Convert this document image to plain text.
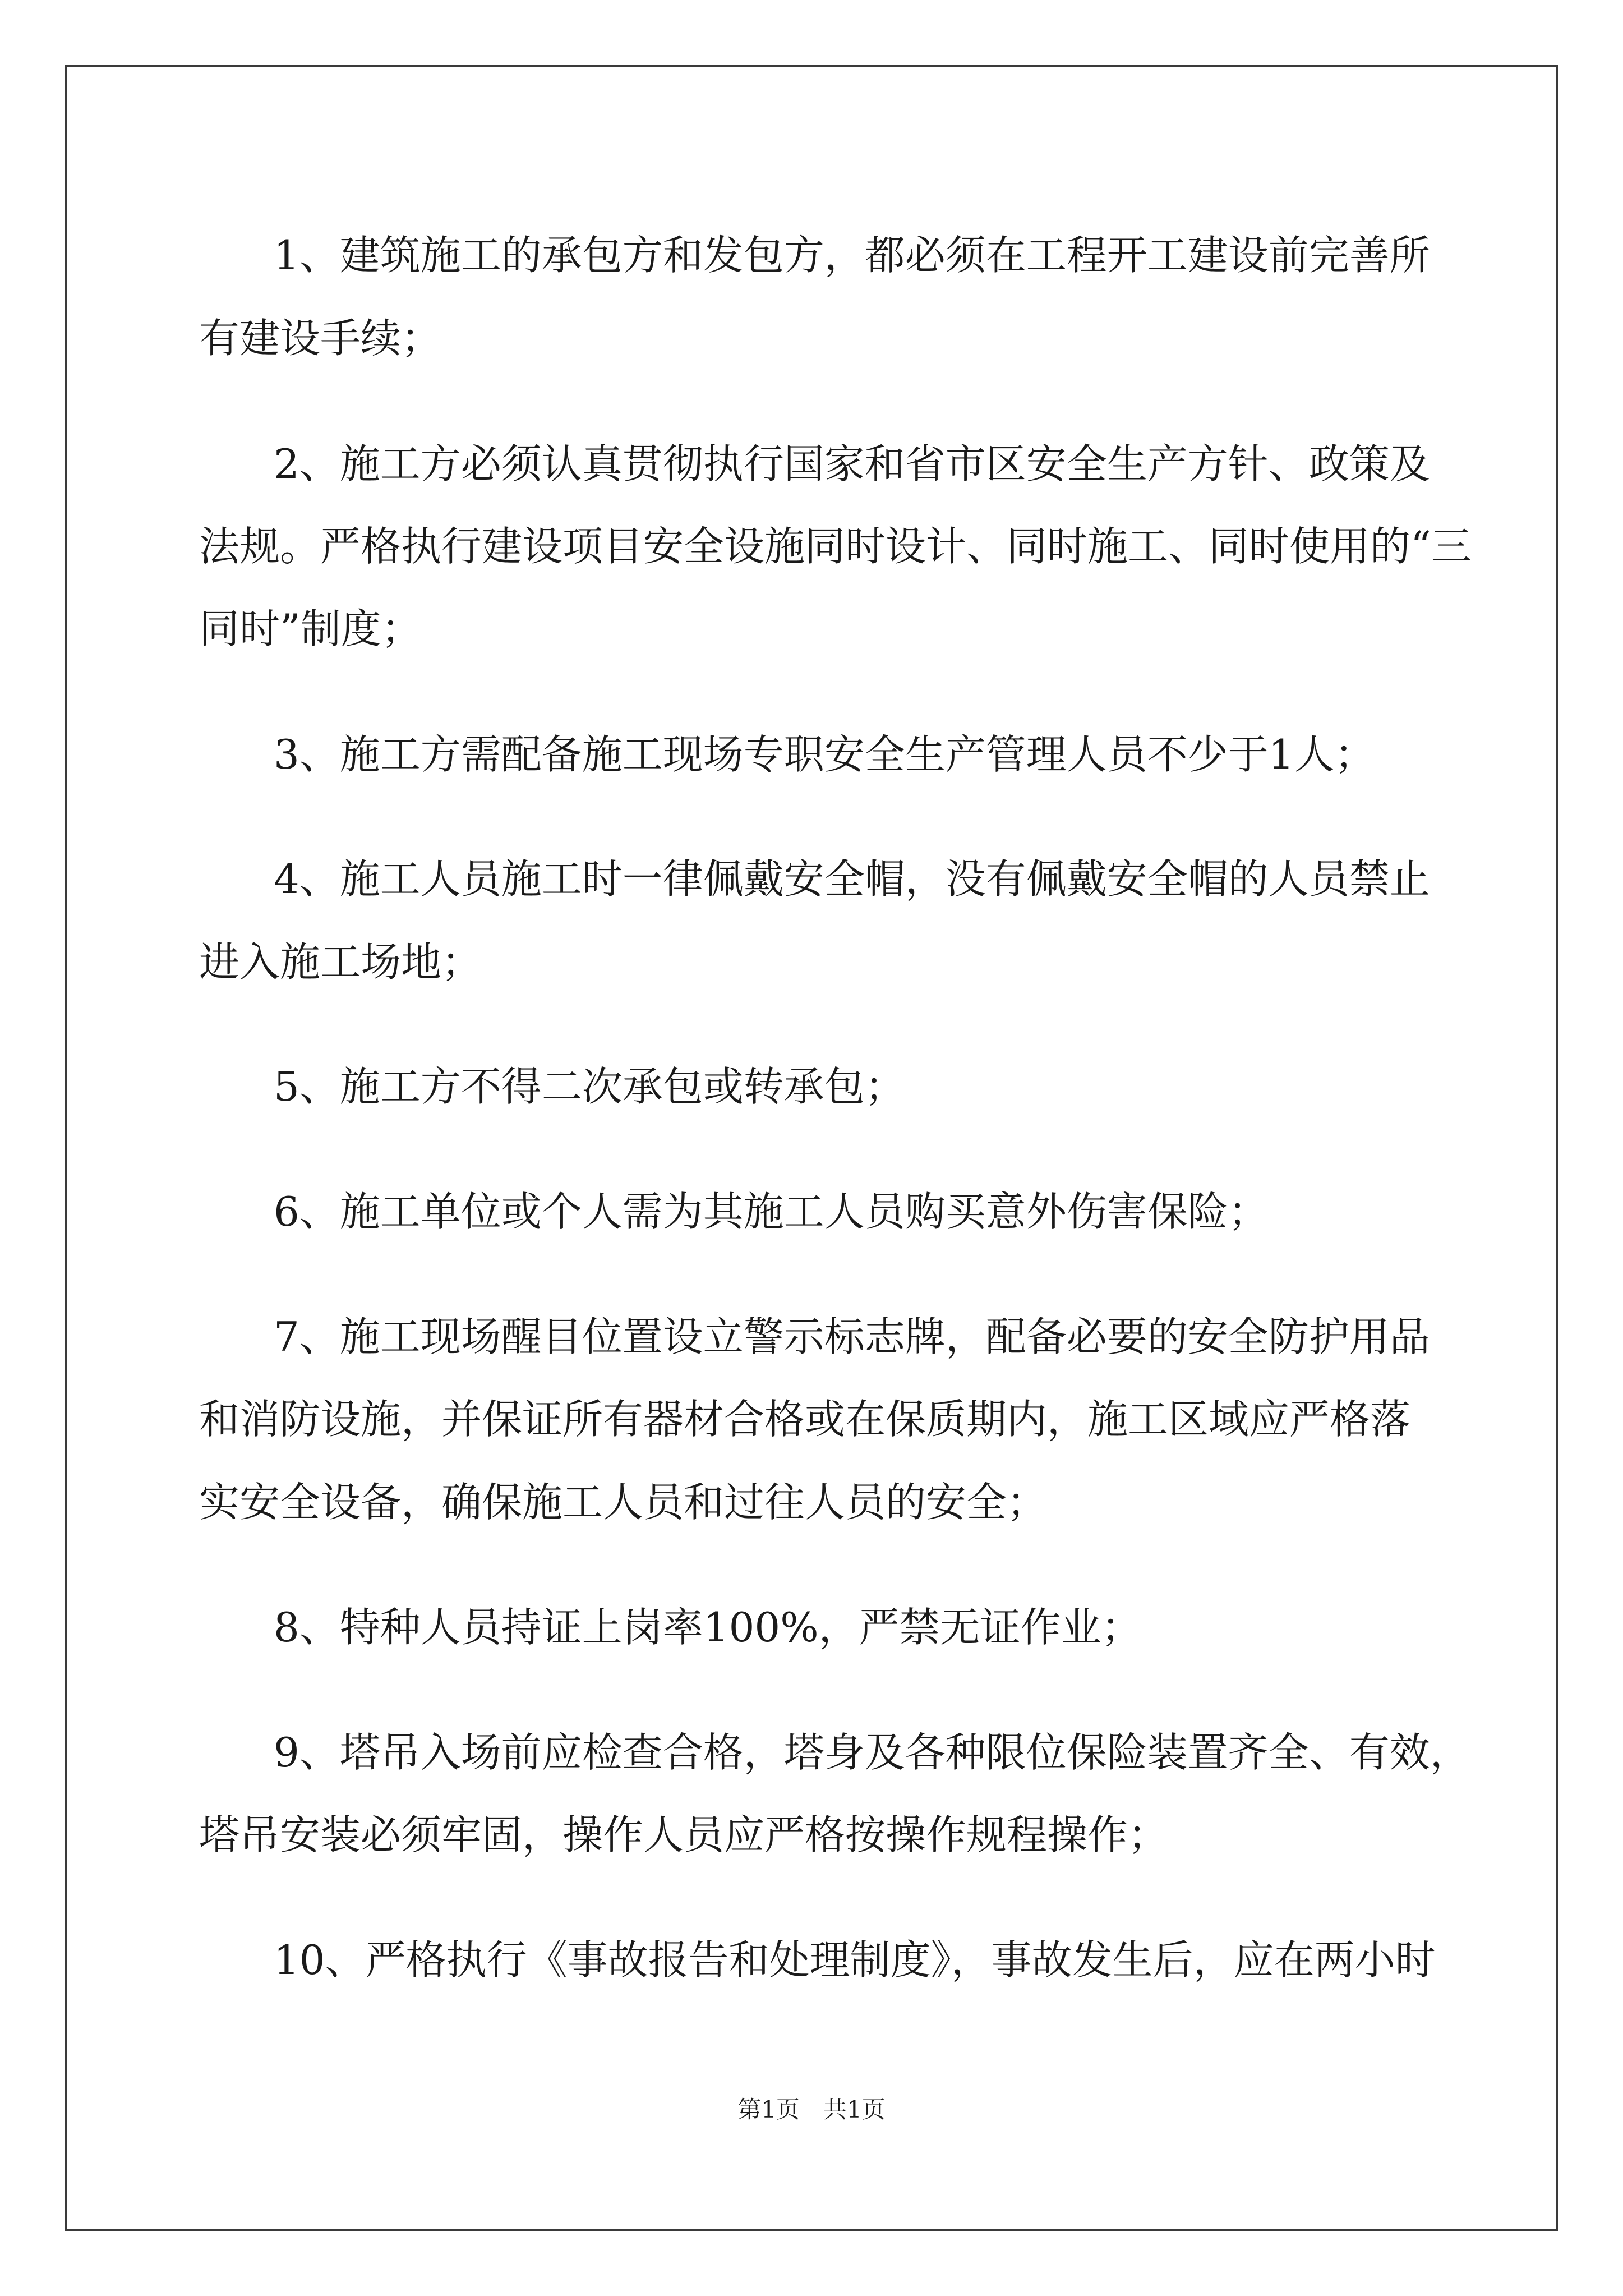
1、建筑施工的承包方和发包方，都必须在工程开工建设前完善所
有建设手续；
2、施工方必须认真贯彻执行国家和省市区安全生产方针、政策及
法规。严格执行建设项目安全设施同时设计、同时施工、同时使用的“三
同时”制度；
3、施工方需配备施工现场专职安全生产管理人员不少于1人；
4、施工人员施工时一律佩戴安全帽，没有佩戴安全帽的人员禁止
进入施工场地；
5、施工方不得二次承包或转承包；
6、施工单位或个人需为其施工人员购买意外伤害保险；
7、施工现场醒目位置设立警示标志牌，配备必要的安全防护用品
和消防设施，并保证所有器材合格或在保质期内，施工区域应严格落
实安全设备，确保施工人员和过往人员的安全；
8、特种人员持证上岗率100%，严禁无证作业；
9、塔吊入场前应检查合格，塔身及各种限位保险装置齐全、有效，
塔吊安装必须牢固，操作人员应严格按操作规程操作；
10、严格执行《事故报告和处理制度》，事故发生后，应在两小时
第1页　共1页
